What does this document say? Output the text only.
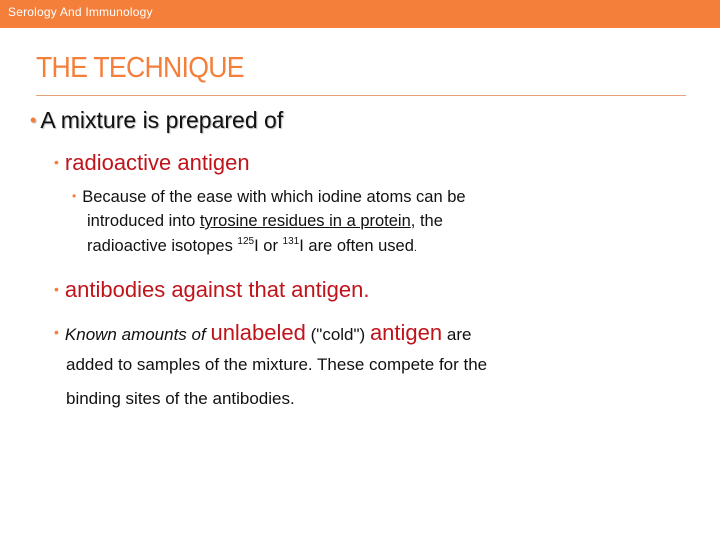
Serology And Immunology
THE TECHNIQUE
• A mixture is prepared of
• radioactive antigen
• Because of the ease with which iodine atoms can be
introduced into tyrosine residues in a protein, the
radioactive isotopes $^{125}$I or $^{131}$I are often used.
• antibodies against that antigen.
• Known amounts of unlabeled ("cold") antigen are
added to samples of the mixture. These compete for the
binding sites of the antibodies.
